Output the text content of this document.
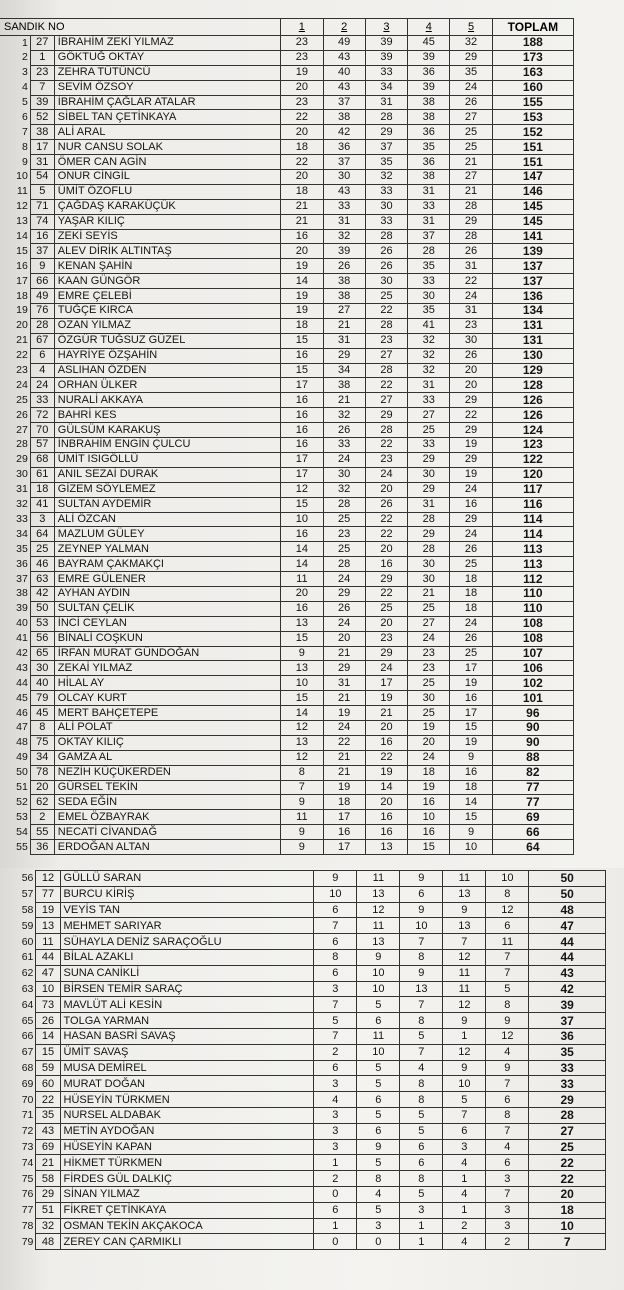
SANDIK NO			1	2	3	4	5	TOPLAM
1	27	İBRAHİM ZEKİ YILMAZ	23	49	39	45	32	188
2	1	GÖKTUĞ OKTAY	23	43	39	39	29	173
3	23	ZEHRA TÜTÜNCÜ	19	40	33	36	35	163
4	7	SEVİM ÖZSOY	20	43	34	39	24	160
5	39	İBRAHİM ÇAĞLAR ATALAR	23	37	31	38	26	155
6	52	SİBEL TAN ÇETİNKAYA	22	38	28	38	27	153
7	38	ALİ ARAL	20	42	29	36	25	152
8	17	NUR CANSU SOLAK	18	36	37	35	25	151
9	31	ÖMER CAN AGİN	22	37	35	36	21	151
10	54	ONUR CİNGİL	20	30	32	38	27	147
11	5	ÜMİT ÖZOFLU	18	43	33	31	21	146
12	71	ÇAĞDAŞ KARAKÜÇÜK	21	33	30	33	28	145
13	74	YAŞAR KILIÇ	21	31	33	31	29	145
14	16	ZEKİ SEYİS	16	32	28	37	28	141
15	37	ALEV DİRİK ALTINTAŞ	20	39	26	28	26	139
16	9	KENAN ŞAHİN	19	26	26	35	31	137
17	66	KAAN GÜNGÖR	14	38	30	33	22	137
18	49	EMRE ÇELEBİ	19	38	25	30	24	136
19	76	TUĞÇE KIRCA	19	27	22	35	31	134
20	28	OZAN YILMAZ	18	21	28	41	23	131
21	67	ÖZGÜR TUĞSUZ GÜZEL	15	31	23	32	30	131
22	6	HAYRİYE ÖZŞAHİN	16	29	27	32	26	130
23	4	ASLIHAN ÖZDEN	15	34	28	32	20	129
24	24	ORHAN ÜLKER	17	38	22	31	20	128
25	33	NURALİ AKKAYA	16	21	27	33	29	126
26	72	BAHRİ KES	16	32	29	27	22	126
27	70	GÜLSÜM KARAKUŞ	16	26	28	25	29	124
28	57	İNBRAHİM ENGİN ÇULCU	16	33	22	33	19	123
29	68	ÜMİT ISIGÖLLÜ	17	24	23	29	29	122
30	61	ANIL SEZAİ DURAK	17	30	24	30	19	120
31	18	GİZEM SÖYLEMEZ	12	32	20	29	24	117
32	41	SULTAN AYDEMİR	15	28	26	31	16	116
33	3	ALİ ÖZCAN	10	25	22	28	29	114
34	64	MAZLUM GÜLEY	16	23	22	29	24	114
35	25	ZEYNEP YALMAN	14	25	20	28	26	113
36	46	BAYRAM ÇAKMAKÇI	14	28	16	30	25	113
37	63	EMRE GÜLENER	11	24	29	30	18	112
38	42	AYHAN AYDIN	20	29	22	21	18	110
39	50	SULTAN ÇELİK	16	26	25	25	18	110
40	53	İNCİ CEYLAN	13	24	20	27	24	108
41	56	BİNALİ COŞKUN	15	20	23	24	26	108
42	65	İRFAN MURAT GÜNDOĞAN	9	21	29	23	25	107
43	30	ZEKAİ YILMAZ	13	29	24	23	17	106
44	40	HİLAL AY	10	31	17	25	19	102
45	79	OLCAY KURT	15	21	19	30	16	101
46	45	MERT BAHÇETEPE	14	19	21	25	17	96
47	8	ALİ POLAT	12	24	20	19	15	90
48	75	OKTAY KILIÇ	13	22	16	20	19	90
49	34	GAMZA AL	12	21	22	24	9	88
50	78	NEZİH KÜÇÜKERDEN	8	21	19	18	16	82
51	20	GÜRSEL TEKİN	7	19	14	19	18	77
52	62	SEDA EĞİN	9	18	20	16	14	77
53	2	EMEL ÖZBAYRAK	11	17	16	10	15	69
54	55	NECATİ CİVANDAĞ	9	16	16	16	9	66
55	36	ERDOĞAN ALTAN	9	17	13	15	10	64
56	12	GÜLLÜ SARAN	9	11	9	11	10	50
57	77	BURCU KİRİŞ	10	13	6	13	8	50
58	19	VEYİS TAN	6	12	9	9	12	48
59	13	MEHMET SARIYAR	7	11	10	13	6	47
60	11	SÜHAYLA DENİZ SARAÇOĞLU	6	13	7	7	11	44
61	44	BİLAL AZAKLI	8	9	8	12	7	44
62	47	SUNA CANİKLİ	6	10	9	11	7	43
63	10	BİRSEN TEMİR SARAÇ	3	10	13	11	5	42
64	73	MAVLÜT ALİ KESİN	7	5	7	12	8	39
65	26	TOLGA YARMAN	5	6	8	9	9	37
66	14	HASAN BASRİ SAVAŞ	7	11	5	1	12	36
67	15	ÜMİT SAVAŞ	2	10	7	12	4	35
68	59	MUSA DEMİREL	6	5	4	9	9	33
69	60	MURAT DOĞAN	3	5	8	10	7	33
70	22	HÜSEYİN TÜRKMEN	4	6	8	5	6	29
71	35	NURSEL ALDABAK	3	5	5	7	8	28
72	43	METİN AYDOĞAN	3	6	5	6	7	27
73	69	HÜSEYİN KAPAN	3	9	6	3	4	25
74	21	HİKMET TÜRKMEN	1	5	6	4	6	22
75	58	FİRDES GÜL DALKIÇ	2	8	8	1	3	22
76	29	SİNAN YILMAZ	0	4	5	4	7	20
77	51	FİKRET ÇETİNKAYA	6	5	3	1	3	18
78	32	OSMAN TEKİN AKÇAKOCA	1	3	1	2	3	10
79	48	ZEREY CAN ÇARMIKLI	0	0	1	4	2	7
